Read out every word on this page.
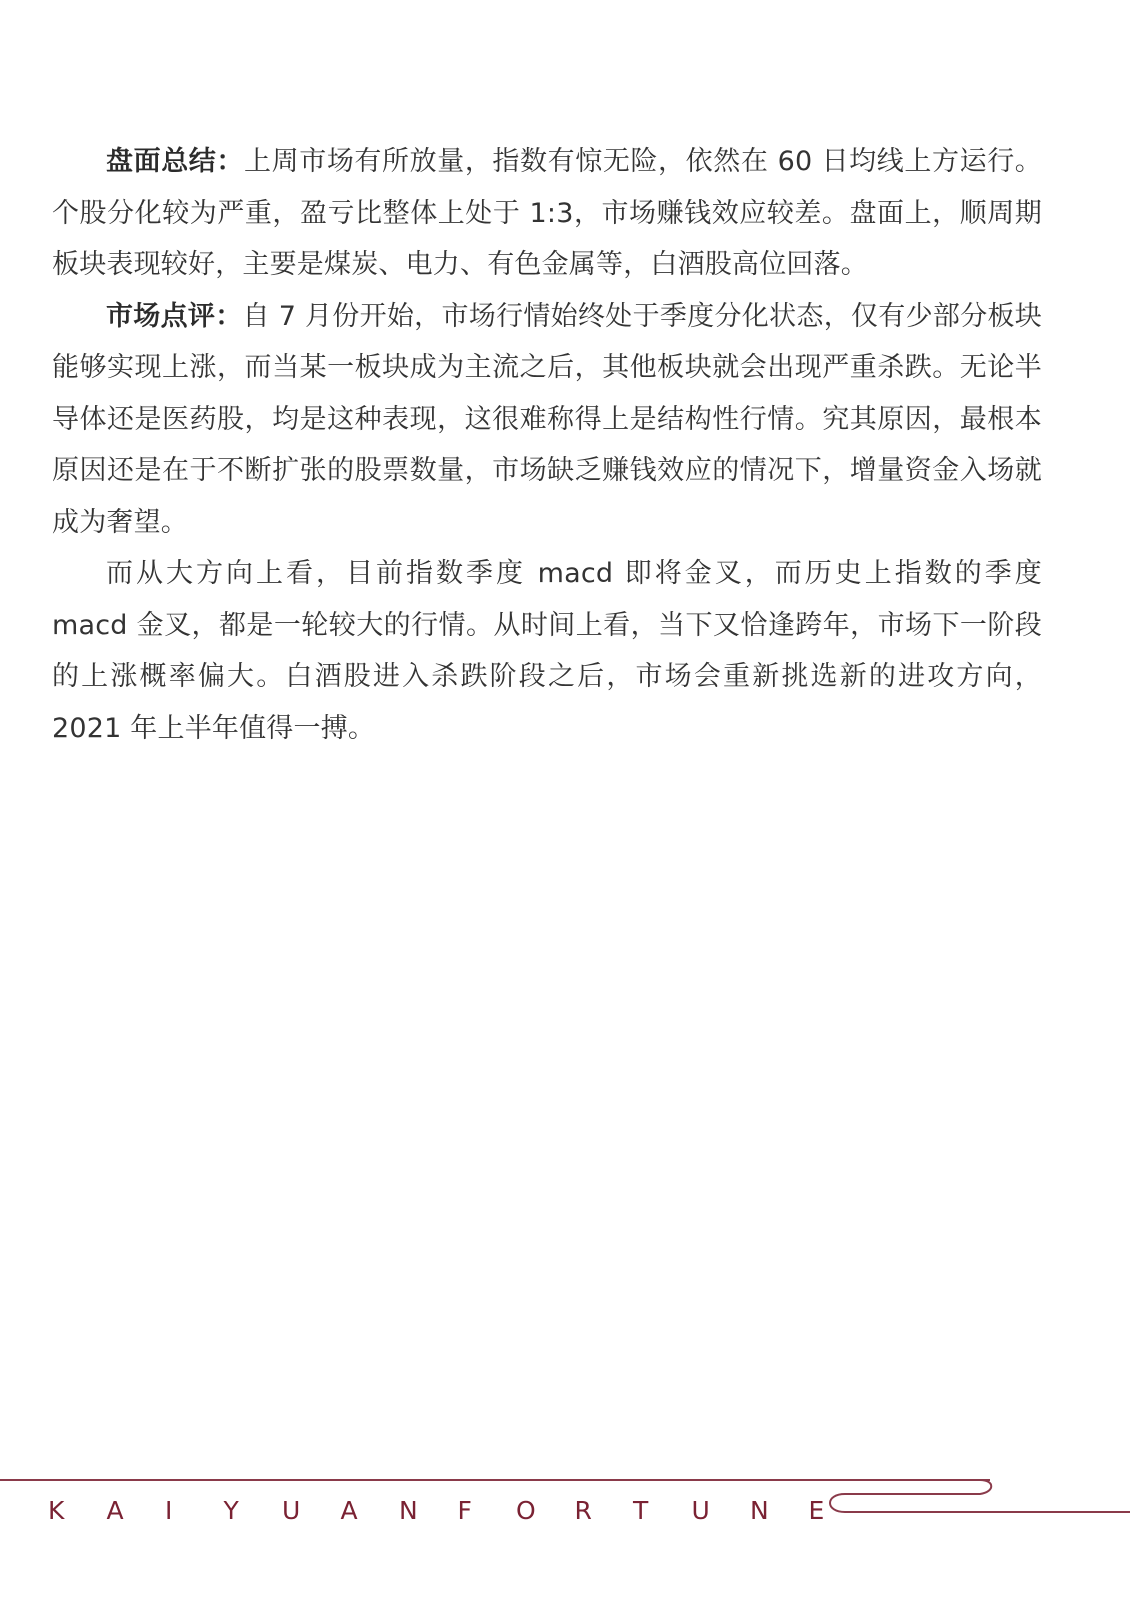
盘面总结：上周市场有所放量，指数有惊无险，依然在 60 日均线上方运行。个股分化较为严重，盈亏比整体上处于 1:3，市场赚钱效应较差。盘面上，顺周期板块表现较好，主要是煤炭、电力、有色金属等，白酒股高位回落。

市场点评：自 7 月份开始，市场行情始终处于季度分化状态，仅有少部分板块能够实现上涨，而当某一板块成为主流之后，其他板块就会出现严重杀跌。无论半导体还是医药股，均是这种表现，这很难称得上是结构性行情。究其原因，最根本原因还是在于不断扩张的股票数量，市场缺乏赚钱效应的情况下，增量资金入场就成为奢望。

而从大方向上看，目前指数季度 macd 即将金叉，而历史上指数的季度 macd 金叉，都是一轮较大的行情。从时间上看，当下又恰逢跨年，市场下一阶段的上涨概率偏大。白酒股进入杀跌阶段之后，市场会重新挑选新的进攻方向，2021 年上半年值得一搏。

K A I Y U A N F O R T U N E
